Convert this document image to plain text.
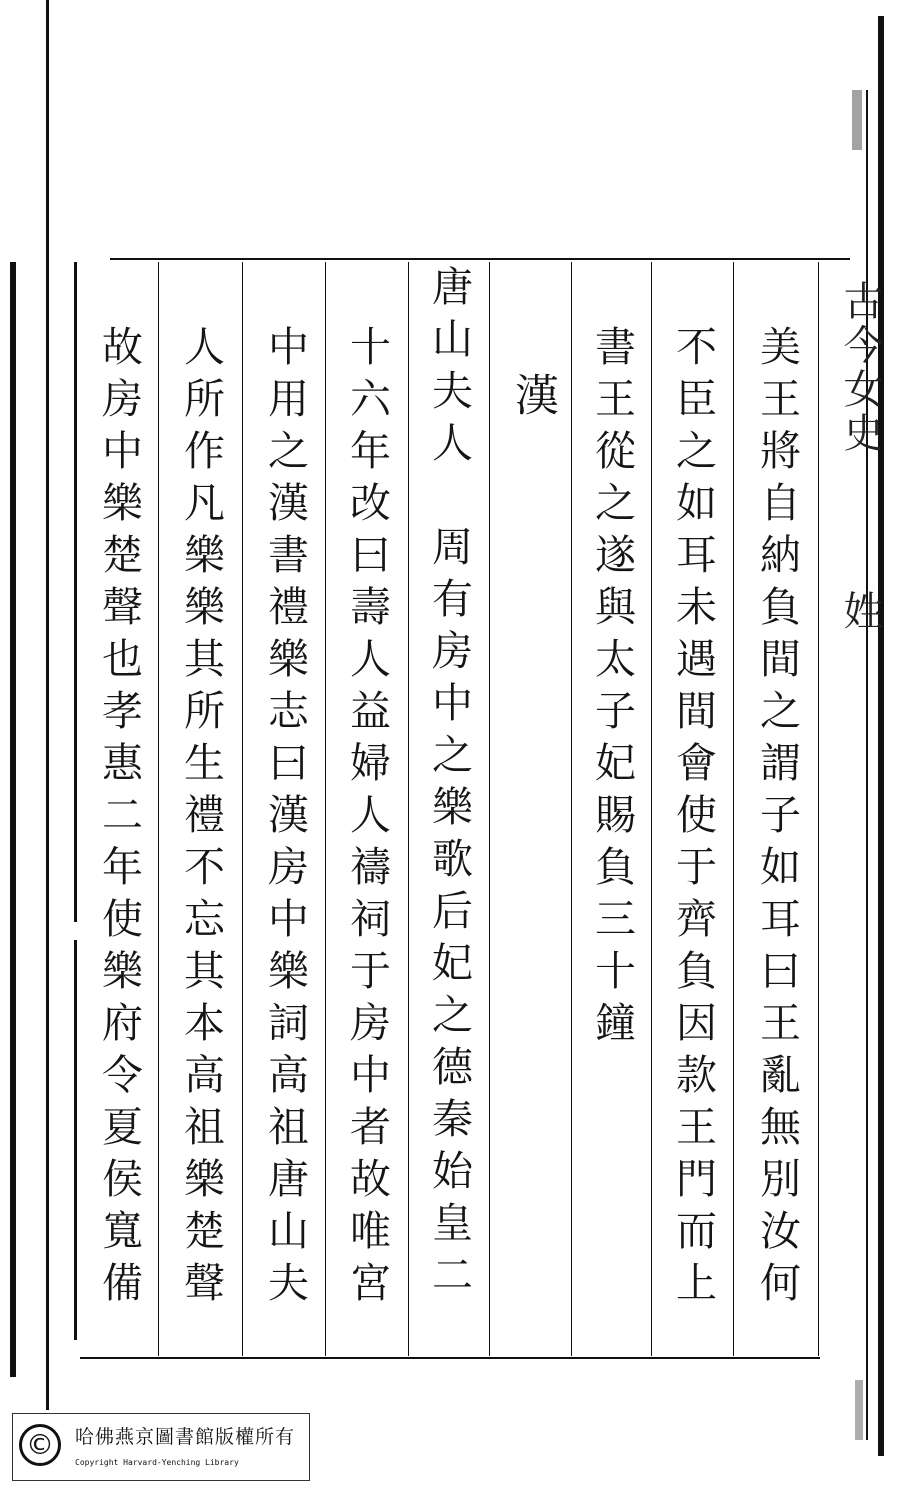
美王將自納負間之謂子如耳曰王亂無別汝何
不臣之如耳未遇間會使于齊負因款王門而上
書王從之遂與太子妃賜負三十鐘
漢
唐山夫人　周有房中之樂歌后妃之德秦始皇二
十六年改曰壽人益婦人禱祠于房中者故唯宮
中用之漢書禮樂志曰漢房中樂詞高祖唐山夫
人所作凡樂樂其所生禮不忘其本高祖樂楚聲
故房中樂楚聲也孝惠二年使樂府令夏侯寬備	古今女史
姓
©	哈佛燕京圖書館版權所有
Copyright Harvard-Yenching Library
